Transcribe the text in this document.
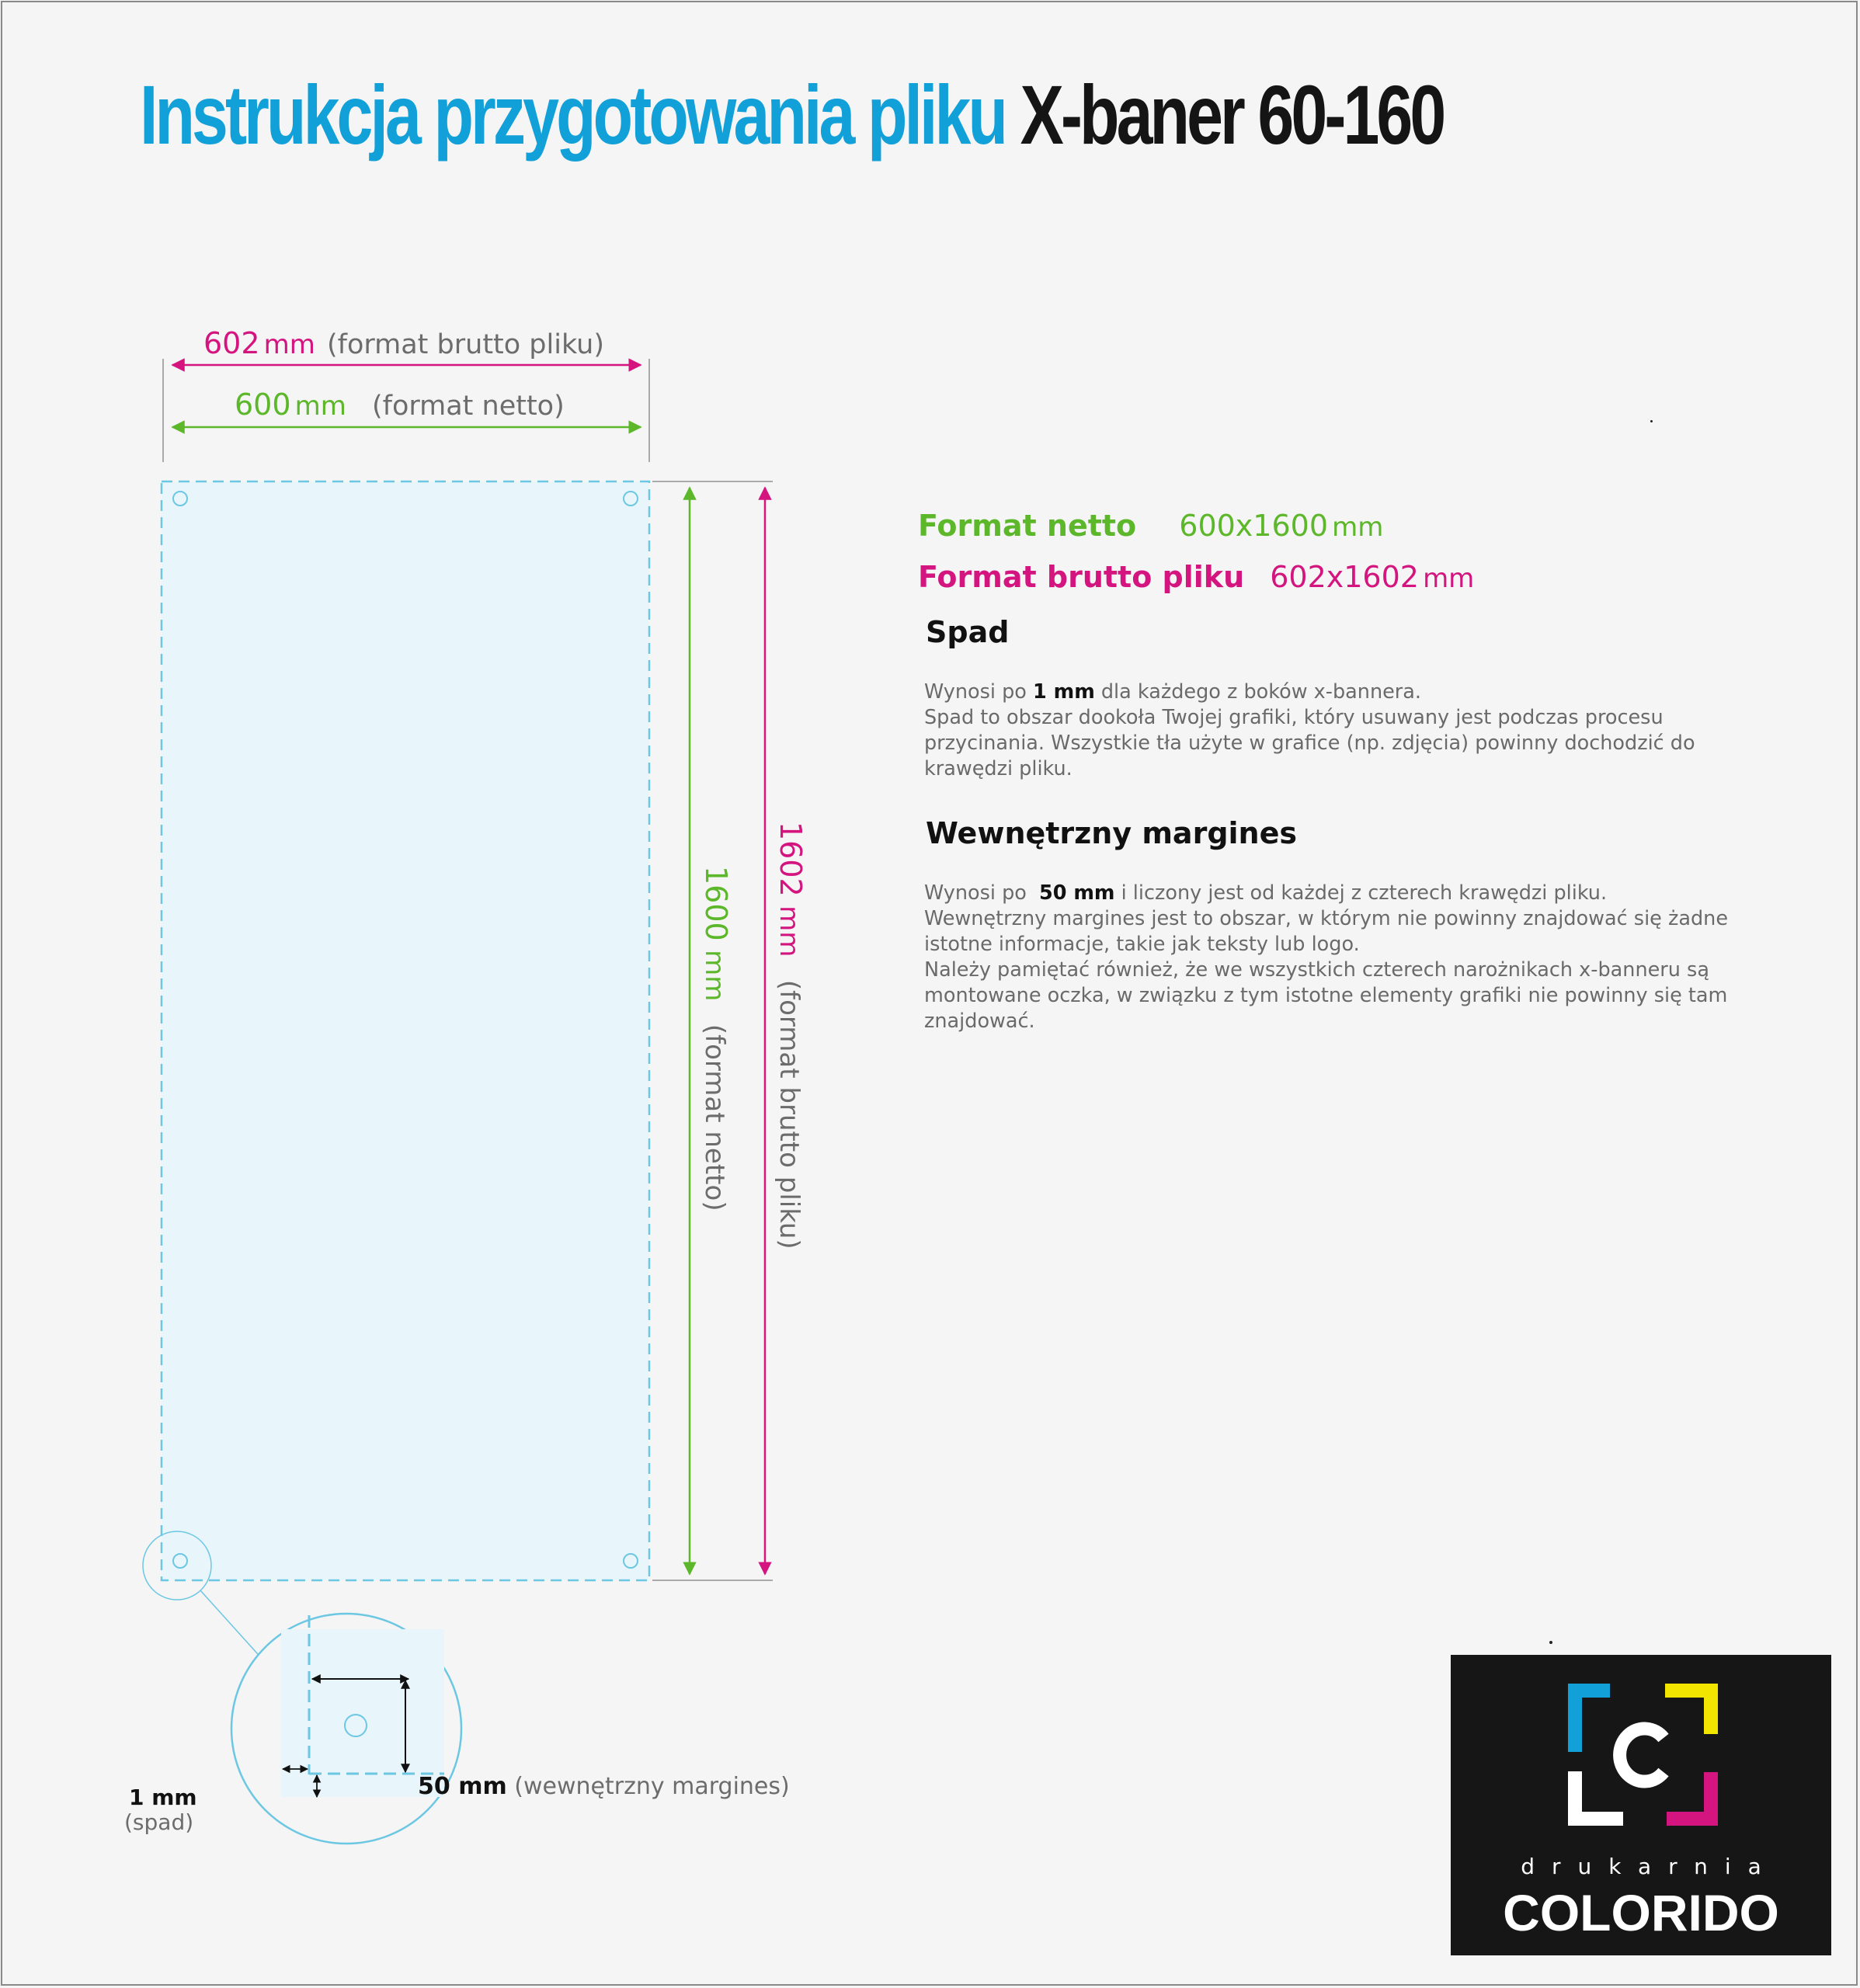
Instrukcja przygotowania pliku X-baner 60-160
602 mm (format brutto pliku)
600 mm (format netto)
1600 mm (format netto)
1602 mm (format brutto pliku)
Format netto 600x1600 mm
Format brutto pliku 602x1602 mm
Spad
Wynosi po 1 mm dla każdego z boków x-bannera.
Spad to obszar dookoła Twojej grafiki, który usuwany jest podczas procesu przycinania. Wszystkie tła użyte w grafice (np. zdjęcia) powinny dochodzić do krawędzi pliku.
Wewnętrzny margines
Wynosi po 50 mm i liczony jest od każdej z czterech krawędzi pliku.
Wewnętrzny margines jest to obszar, w którym nie powinny znajdować się żadne istotne informacje, takie jak teksty lub logo.
Należy pamiętać również, że we wszystkich czterech narożnikach x-banneru są montowane oczka, w związku z tym istotne elementy grafiki nie powinny się tam znajdować.
1 mm
(spad)
50 mm (wewnętrzny margines)
drukarnia
COLORIDO
